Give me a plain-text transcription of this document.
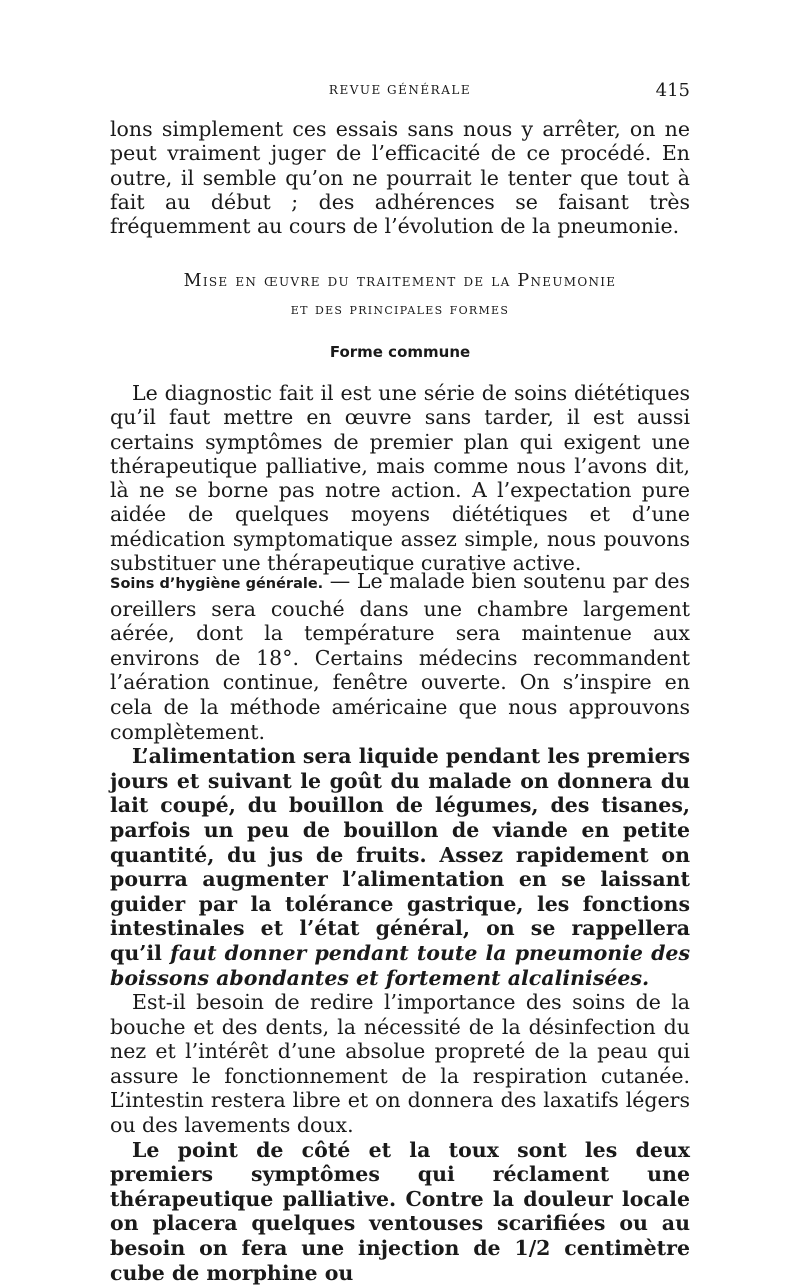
REVUE GÉNÉRALE	415

lons simplement ces essais sans nous y arrêter, on ne peut vraiment juger de l’efficacité de ce procédé. En outre, il semble qu’on ne pourrait le tenter que tout à fait au début ; des adhérences se faisant très fréquemment au cours de l’évolution de la pneumonie.

Mise en œuvre du traitement de la Pneumonie
et des principales formes
Forme commune

Le diagnostic fait il est une série de soins diététiques qu’il faut mettre en œuvre sans tarder, il est aussi certains symptômes de premier plan qui exigent une thérapeutique palliative, mais comme nous l’avons dit, là ne se borne pas notre action. A l’expectation pure aidée de quelques moyens diététiques et d’une médication symptomatique assez simple, nous pouvons substituer une thérapeutique curative active.

Soins d’hygiène générale. — Le malade bien soutenu par des oreillers sera couché dans une chambre largement aérée, dont la température sera maintenue aux environs de 18°. Certains médecins recommandent l’aération continue, fenêtre ouverte. On s’inspire en cela de la méthode américaine que nous approuvons complètement.

L’alimentation sera liquide pendant les premiers jours et suivant le goût du malade on donnera du lait coupé, du bouillon de légumes, des tisanes, parfois un peu de bouillon de viande en petite quantité, du jus de fruits. Assez rapidement on pourra augmenter l’alimentation en se laissant guider par la tolérance gastrique, les fonctions intestinales et l’état général, on se rappellera qu’il faut donner pendant toute la pneumonie des boissons abondantes et fortement alcalinisées.

Est-il besoin de redire l’importance des soins de la bouche et des dents, la nécessité de la désinfection du nez et l’intérêt d’une absolue propreté de la peau qui assure le fonctionnement de la respiration cutanée. L’intestin restera libre et on donnera des laxatifs légers ou des lavements doux.

Le point de côté et la toux sont les deux premiers symptômes qui réclament une thérapeutique palliative. Contre la douleur locale on placera quelques ventouses scarifiées ou au besoin on fera une injection de 1/2 centimètre cube de morphine ou
